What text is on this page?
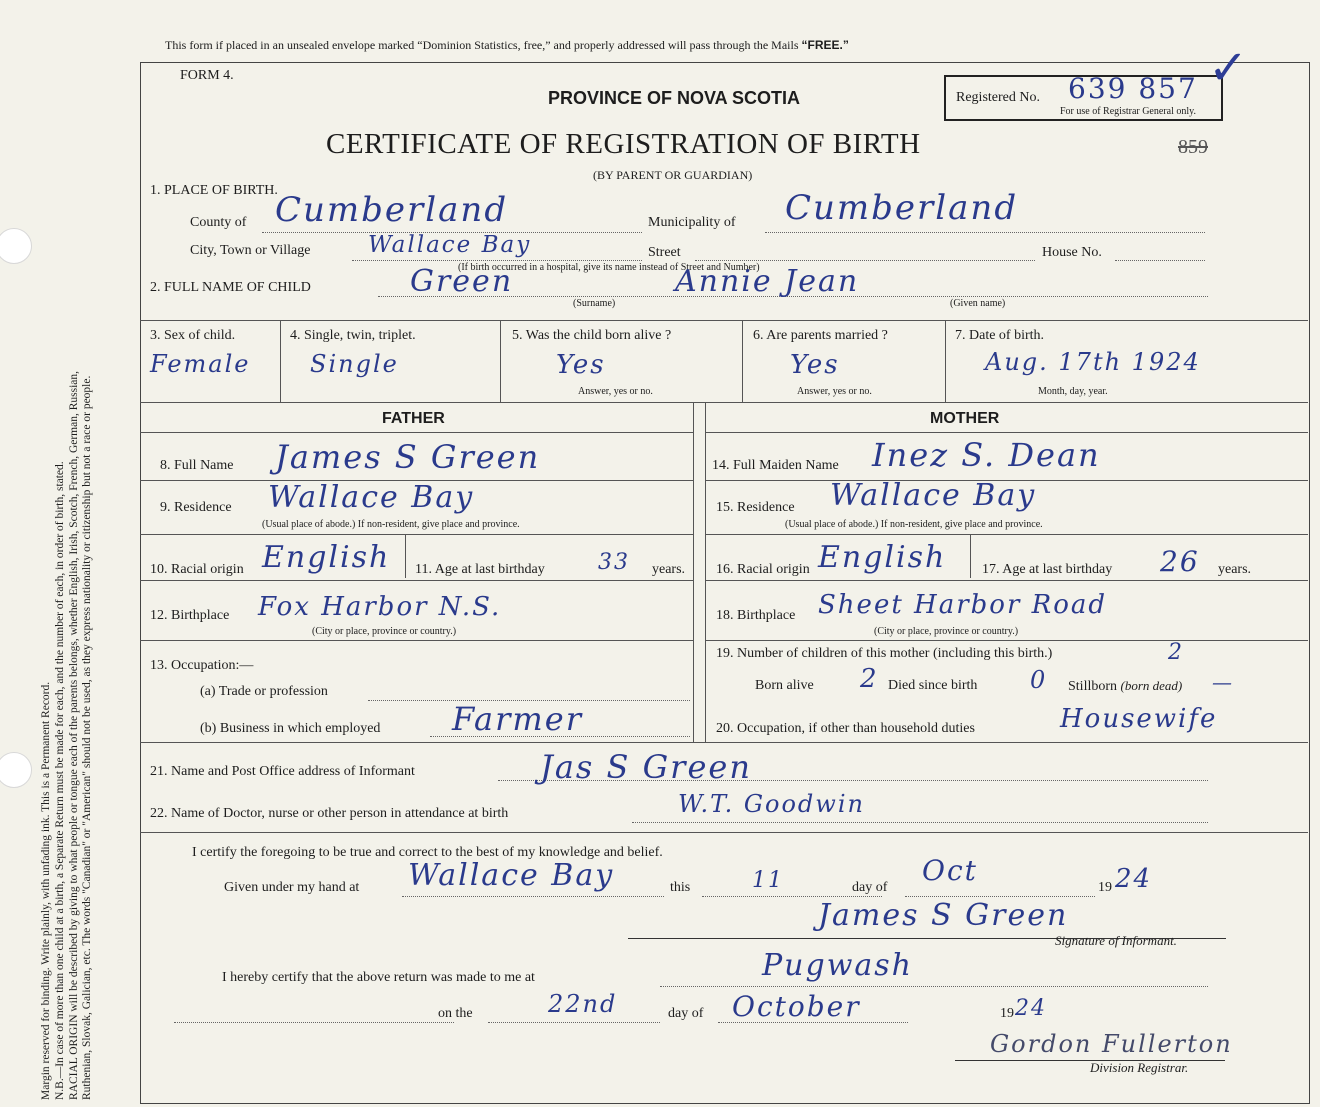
Margin reserved for binding. Write plainly, with unfading ink. This is a Permanent Record. N.B.—In case of more than one child at a birth, a Separate Return must be made for each, and the number of each, in order of birth, stated. RACIAL ORIGIN will be described by giving to what people or tongue each of the parents belongs, whether English, Irish, Scotch, French, German, Russian, Ruthenian, Slovak, Galician, etc. The words "Canadian" or "American" should not be used, as they express nationality or citizenship but not a race or people.
This form if placed in an unsealed envelope marked “Dominion Statistics, free,” and properly addressed will pass through the Mails “FREE.”
FORM 4.
PROVINCE OF NOVA SCOTIA	Registered No. 639 857
For use of Registrar General only.
✓
CERTIFICATE OF REGISTRATION OF BIRTH	859
(BY PARENT OR GUARDIAN)
1. PLACE OF BIRTH.
County of Cumberland	Municipality of Cumberland
City, Town or Village	Wallace Bay	Street	House No.
(If birth occurred in a hospital, give its name instead of Street and Number)
2. FULL NAME OF CHILD	Green	Annie Jean
(Surname)	(Given name)
3. Sex of child.
Female
4. Single, twin, triplet.
Single
5. Was the child born alive ?
Yes
Answer, yes or no.
6. Are parents married ?
Yes
Answer, yes or no.
7. Date of birth.
Aug. 17th 1924
Month, day, year.
FATHER	MOTHER
8. Full Name James S Green
9. Residence Wallace Bay
(Usual place of abode.) If non-resident, give place and province.
10. Racial origin English 11. Age at last birthday 33 years.
12. Birthplace Fox Harbor N.S.
(City or place, province or country.)
13. Occupation:—
(a) Trade or profession
(b) Business in which employed Farmer
14. Full Maiden Name Inez S. Dean
15. Residence Wallace Bay
(Usual place of abode.) If non-resident, give place and province.
16. Racial origin English	17. Age at last birthday 26 years.
18. Birthplace Sheet Harbor Road
(City or place, province or country.)
19. Number of children of this mother (including this birth.)	2
Born alive 2 Died since birth 0 Stillborn (born dead) —
20. Occupation, if other than household duties	Housewife
21. Name and Post Office address of Informant	Jas S Green
22. Name of Doctor, nurse or other person in attendance at birth	W.T. Goodwin
I certify the foregoing to be true and correct to the best of my knowledge and belief.
Given under my hand at Wallace Bay	this	11	day of
Oct
19 24
James S Green
Signature of Informant.
I hereby certify that the above return was made to me at	Pugwash
on the	22nd	day of October	19 24
Gordon Fullerton
Division Registrar.
